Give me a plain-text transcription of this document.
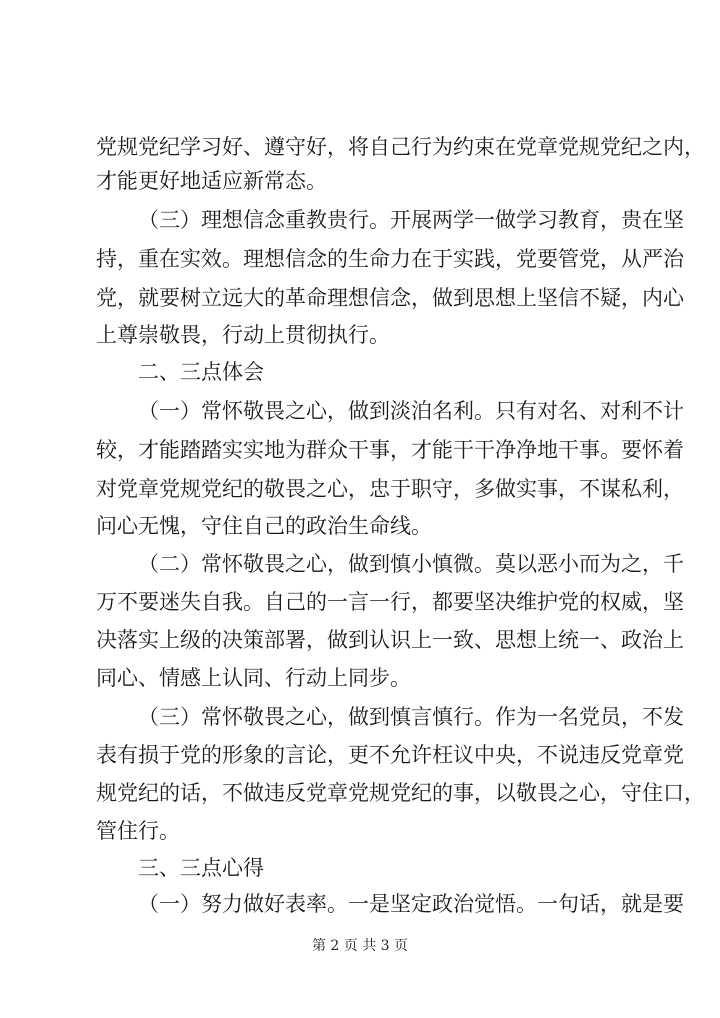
党规党纪学习好、遵守好，将自己行为约束在党章党规党纪之内，
才能更好地适应新常态。
（三）理想信念重教贵行。开展两学一做学习教育，贵在坚
持，重在实效。理想信念的生命力在于实践，党要管党，从严治
党，就要树立远大的革命理想信念，做到思想上坚信不疑，内心
上尊崇敬畏，行动上贯彻执行。
二、三点体会
（一）常怀敬畏之心，做到淡泊名利。只有对名、对利不计
较，才能踏踏实实地为群众干事，才能干干净净地干事。要怀着
对党章党规党纪的敬畏之心，忠于职守，多做实事，不谋私利，
问心无愧，守住自己的政治生命线。
（二）常怀敬畏之心，做到慎小慎微。莫以恶小而为之，千
万不要迷失自我。自己的一言一行，都要坚决维护党的权威，坚
决落实上级的决策部署，做到认识上一致、思想上统一、政治上
同心、情感上认同、行动上同步。
（三）常怀敬畏之心，做到慎言慎行。作为一名党员，不发
表有损于党的形象的言论，更不允许枉议中央，不说违反党章党
规党纪的话，不做违反党章党规党纪的事，以敬畏之心，守住口，
管住行。
三、三点心得
（一）努力做好表率。一是坚定政治觉悟。一句话，就是要
第 2 页 共 3 页
